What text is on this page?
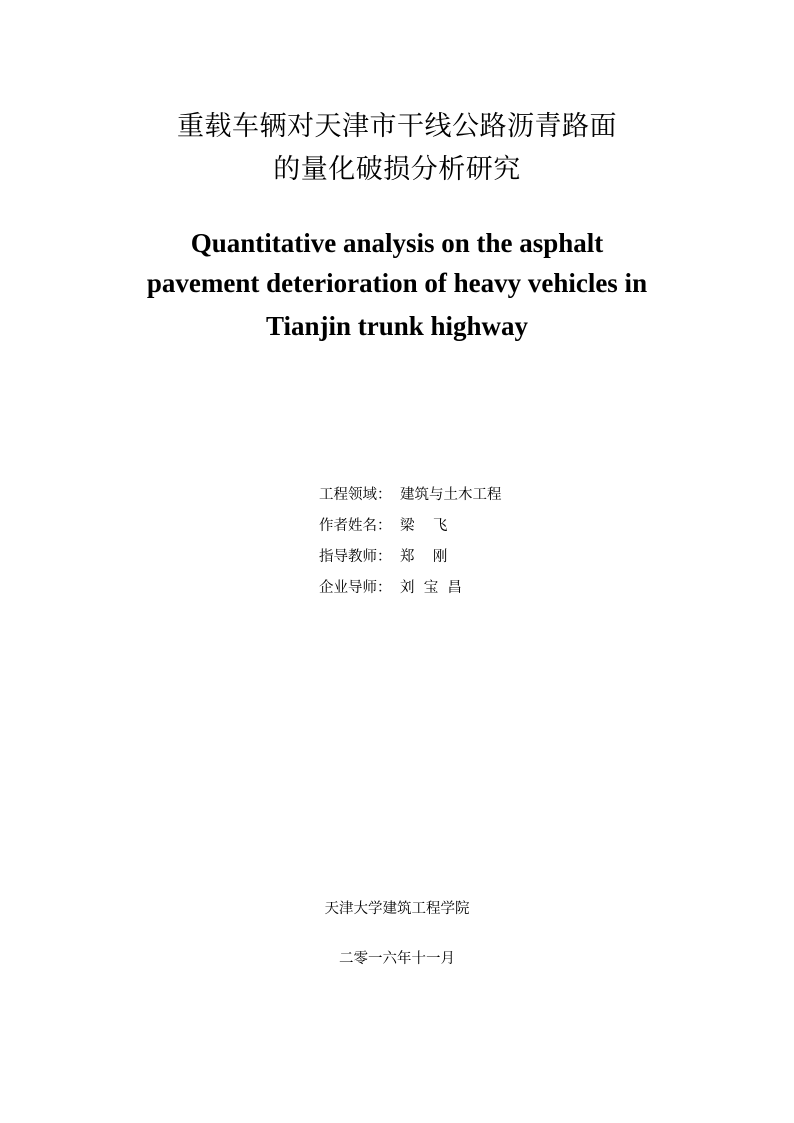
重载车辆对天津市干线公路沥青路面
的量化破损分析研究
Quantitative analysis on the asphalt
pavement deterioration of heavy vehicles in
Tianjin trunk highway
工程领域： 建筑与土木工程
作者姓名： 梁    飞
指导教师： 郑    刚
企业导师： 刘  宝  昌
天津大学建筑工程学院
二零一六年十一月
